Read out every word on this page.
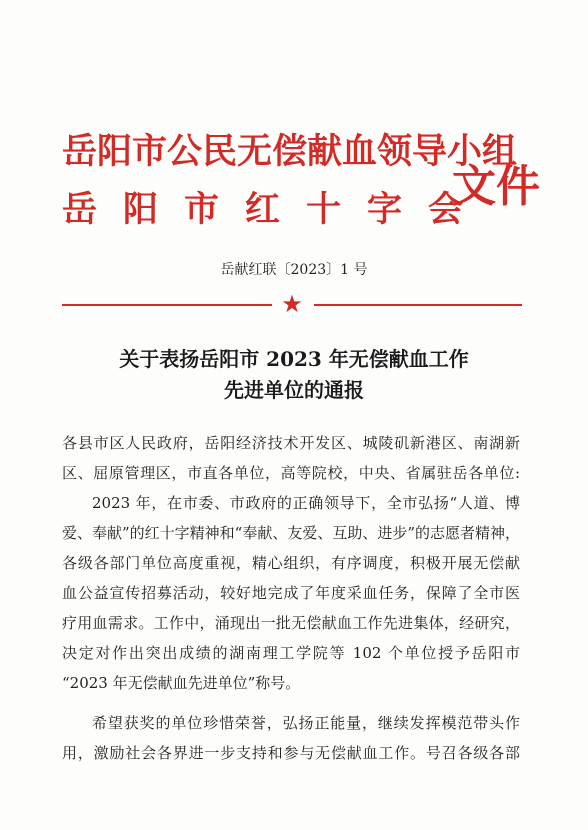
岳阳市公民无偿献血领导小组
岳阳市红十字会
文件
岳献红联〔2023〕1 号
★
关于表扬岳阳市 2023 年无偿献血工作
先进单位的通报
各县市区人民政府，岳阳经济技术开发区、城陵矶新港区、南湖新
区、屈原管理区，市直各单位，高等院校，中央、省属驻岳各单位:
2023 年，在市委、市政府的正确领导下，全市弘扬“人道、博
爱、奉献”的红十字精神和“奉献、友爱、互助、进步”的志愿者精神，
各级各部门单位高度重视，精心组织，有序调度，积极开展无偿献
血公益宣传招募活动，较好地完成了年度采血任务，保障了全市医
疗用血需求。工作中，涌现出一批无偿献血工作先进集体，经研究，
决定对作出突出成绩的湖南理工学院等 102 个单位授予岳阳市
“2023 年无偿献血先进单位”称号。
希望获奖的单位珍惜荣誉，弘扬正能量，继续发挥模范带头作
用，激励社会各界进一步支持和参与无偿献血工作。号召各级各部
